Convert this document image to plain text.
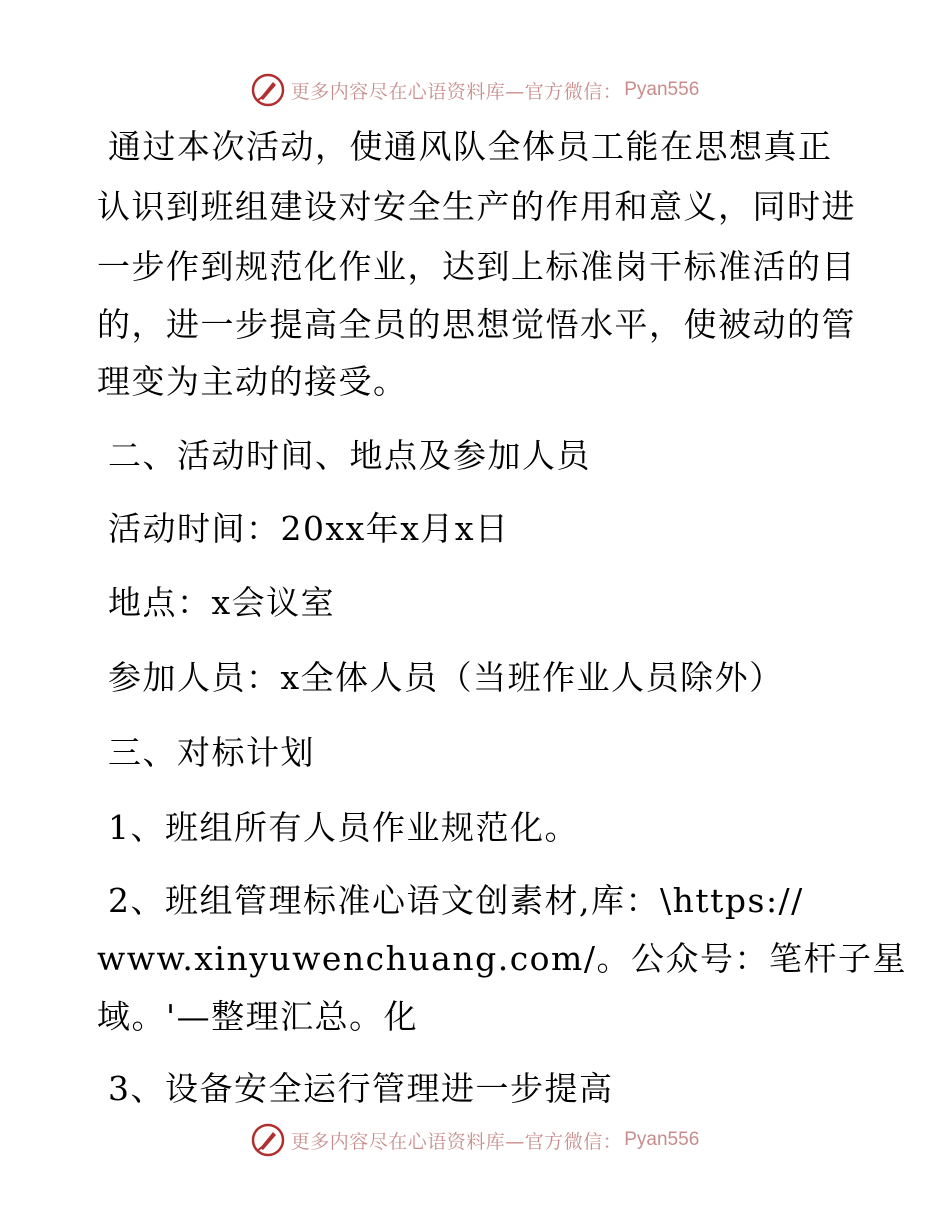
更多内容尽在心语资料库—官方微信： Pyan556
通过本次活动，使通风队全体员工能在思想真正
认识到班组建设对安全生产的作用和意义，同时进
一步作到规范化作业，达到上标准岗干标准活的目
的，进一步提高全员的思想觉悟水平，使被动的管
理变为主动的接受。
二、活动时间、地点及参加人员
活动时间：20xx年x月x日
地点：x会议室
参加人员：x全体人员（当班作业人员除外）
三、对标计划
1、班组所有人员作业规范化。
2、班组管理标准心语文创素材,库：\https://
www.xinyuwenchuang.com/。公众号：笔杆子星
域。'—整理汇总。化
3、设备安全运行管理进一步提高
更多内容尽在心语资料库—官方微信： Pyan556
